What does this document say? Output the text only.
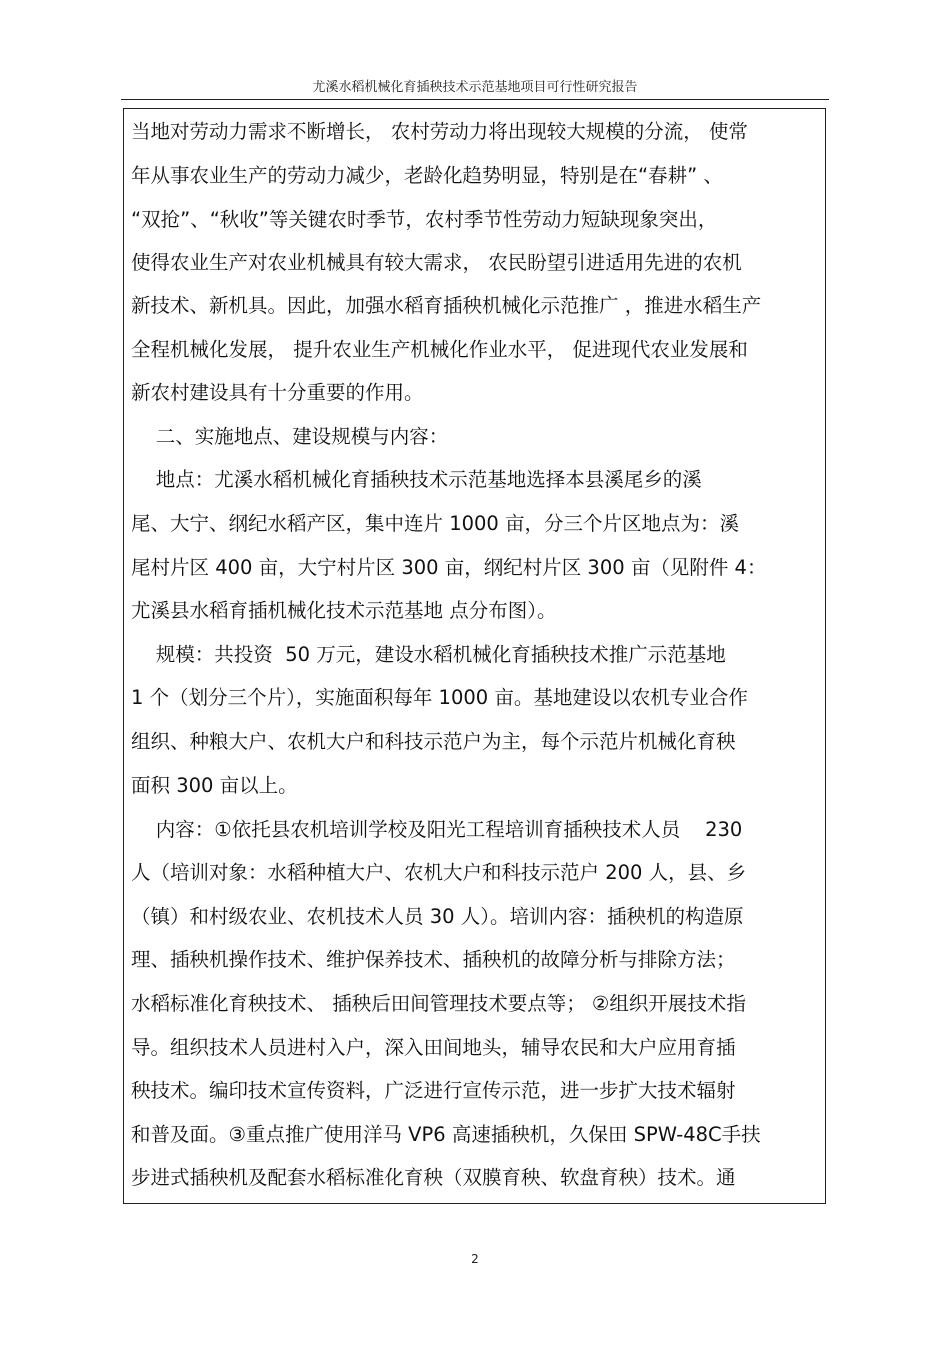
尤溪水稻机械化育插秧技术示范基地项目可行性研究报告
当地对劳动力需求不断增长， 农村劳动力将出现较大规模的分流， 使常
年从事农业生产的劳动力减少，老龄化趋势明显，特别是在“春耕” 、
“双抢”、“秋收”等关键农时季节，农村季节性劳动力短缺现象突出，
使得农业生产对农业机械具有较大需求， 农民盼望引进适用先进的农机
新技术、新机具。因此，加强水稻育插秧机械化示范推广 ，推进水稻生产
全程机械化发展， 提升农业生产机械化作业水平， 促进现代农业发展和
新农村建设具有十分重要的作用。
二、实施地点、建设规模与内容：
地点：尤溪水稻机械化育插秧技术示范基地选择本县溪尾乡的溪
尾、大宁、纲纪水稻产区，集中连片 1000 亩，分三个片区地点为：溪
尾村片区 400 亩，大宁村片区 300 亩，纲纪村片区 300 亩（见附件 4：
尤溪县水稻育插机械化技术示范基地 点分布图）。
规模：共投资  50 万元，建设水稻机械化育插秧技术推广示范基地
1 个（划分三个片），实施面积每年 1000 亩。基地建设以农机专业合作
组织、种粮大户、农机大户和科技示范户为主，每个示范片机械化育秧
面积 300 亩以上。
内容：①依托县农机培训学校及阳光工程培训育插秧技术人员    230
人（培训对象：水稻种植大户、农机大户和科技示范户 200 人，县、乡
（镇）和村级农业、农机技术人员 30 人）。培训内容：插秧机的构造原
理、插秧机操作技术、维护保养技术、插秧机的故障分析与排除方法；
水稻标准化育秧技术、 插秧后田间管理技术要点等； ②组织开展技术指
导。组织技术人员进村入户，深入田间地头，辅导农民和大户应用育插
秧技术。编印技术宣传资料，广泛进行宣传示范，进一步扩大技术辐射
和普及面。③重点推广使用洋马 VP6 高速插秧机，久保田 SPW-48C手扶
步进式插秧机及配套水稻标准化育秧（双膜育秧、软盘育秧）技术。通
2
